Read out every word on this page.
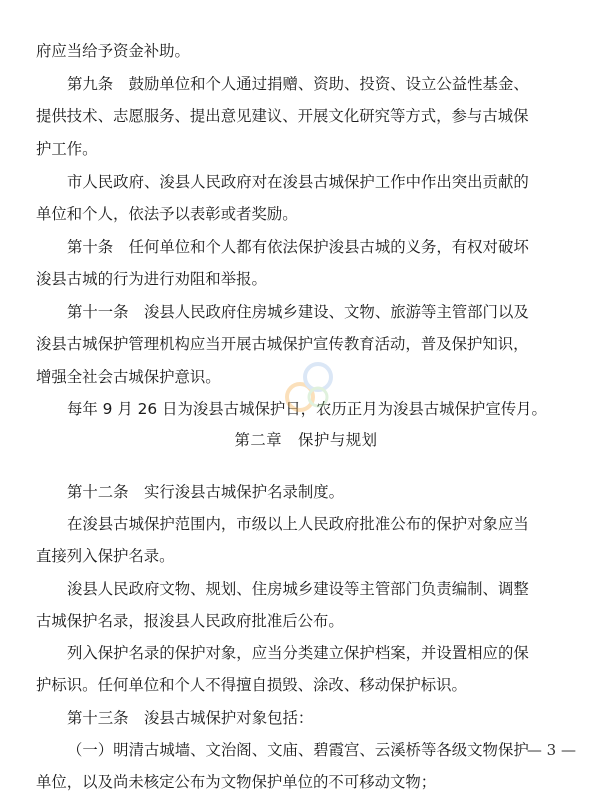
府应当给予资金补助。
第九条　鼓励单位和个人通过捐赠、资助、投资、设立公益性基金、
提供技术、志愿服务、提出意见建议、开展文化研究等方式，参与古城保
护工作。
市人民政府、浚县人民政府对在浚县古城保护工作中作出突出贡献的
单位和个人，依法予以表彰或者奖励。
第十条　任何单位和个人都有依法保护浚县古城的义务，有权对破坏
浚县古城的行为进行劝阻和举报。
第十一条　浚县人民政府住房城乡建设、文物、旅游等主管部门以及
浚县古城保护管理机构应当开展古城保护宣传教育活动，普及保护知识，
增强全社会古城保护意识。
每年 9 月 26 日为浚县古城保护日，农历正月为浚县古城保护宣传月。
第二章　保护与规划
第十二条　实行浚县古城保护名录制度。
在浚县古城保护范围内，市级以上人民政府批准公布的保护对象应当
直接列入保护名录。
浚县人民政府文物、规划、住房城乡建设等主管部门负责编制、调整
古城保护名录，报浚县人民政府批准后公布。
列入保护名录的保护对象，应当分类建立保护档案，并设置相应的保
护标识。任何单位和个人不得擅自损毁、涂改、移动保护标识。
第十三条　浚县古城保护对象包括：
（一）明清古城墙、文治阁、文庙、碧霞宫、云溪桥等各级文物保护
单位，以及尚未核定公布为文物保护单位的不可移动文物；
— 3 —
